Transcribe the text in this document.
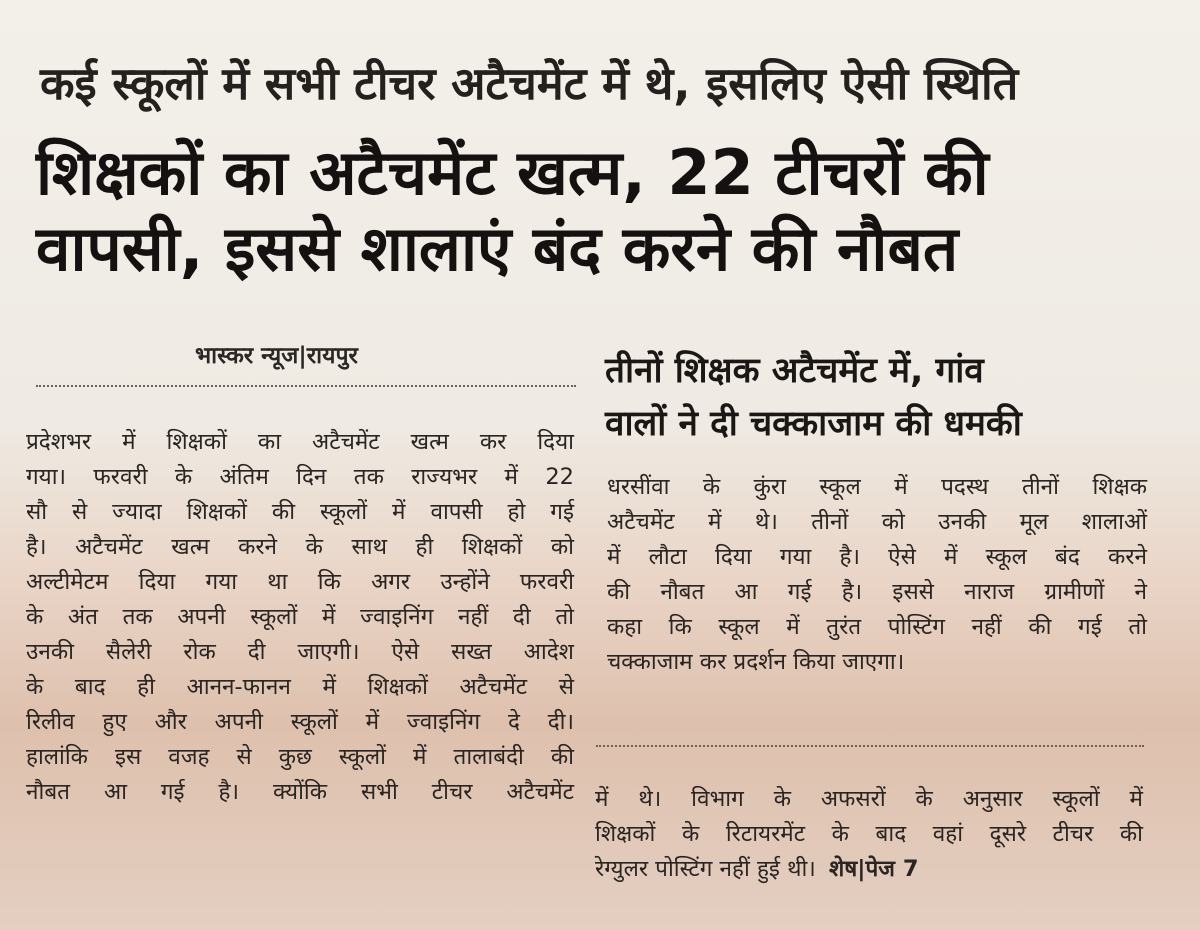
कई स्कूलों में सभी टीचर अटैचमेंट में थे, इसलिए ऐसी स्थिति
शिक्षकों का अटैचमेंट खत्म, 22 टीचरों की
वापसी, इससे शालाएं बंद करने की नौबत
भास्कर न्यूज|रायपुर
प्रदेशभर में शिक्षकों का अटैचमेंट खत्म कर दिया
गया। फरवरी के अंतिम दिन तक राज्यभर में 22
सौ से ज्यादा शिक्षकों की स्कूलों में वापसी हो गई
है। अटैचमेंट खत्म करने के साथ ही शिक्षकों को
अल्टीमेटम दिया गया था कि अगर उन्होंने फरवरी
के अंत तक अपनी स्कूलों में ज्वाइनिंग नहीं दी तो
उनकी सैलेरी रोक दी जाएगी। ऐसे सख्त आदेश
के बाद ही आनन-फानन में शिक्षकों अटैचमेंट से
रिलीव हुए और अपनी स्कूलों में ज्वाइनिंग दे दी।
हालांकि इस वजह से कुछ स्कूलों में तालाबंदी की
नौबत आ गई है। क्योंकि सभी टीचर अटैचमेंट
तीनों शिक्षक अटैचमेंट में, गांव
वालों ने दी चक्काजाम की धमकी
धरसींवा के कुंरा स्कूल में पदस्थ तीनों शिक्षक
अटैचमेंट में थे। तीनों को उनकी मूल शालाओं
में लौटा दिया गया है। ऐसे में स्कूल बंद करने
की नौबत आ गई है। इससे नाराज ग्रामीणों ने
कहा कि स्कूल में तुरंत पोस्टिंग नहीं की गई तो
चक्काजाम कर प्रदर्शन किया जाएगा।
में थे। विभाग के अफसरों के अनुसार स्कूलों में
शिक्षकों के रिटायरमेंट के बाद वहां दूसरे टीचर की
रेग्युलर पोस्टिंग नहीं हुई थी। शेष|पेज 7
